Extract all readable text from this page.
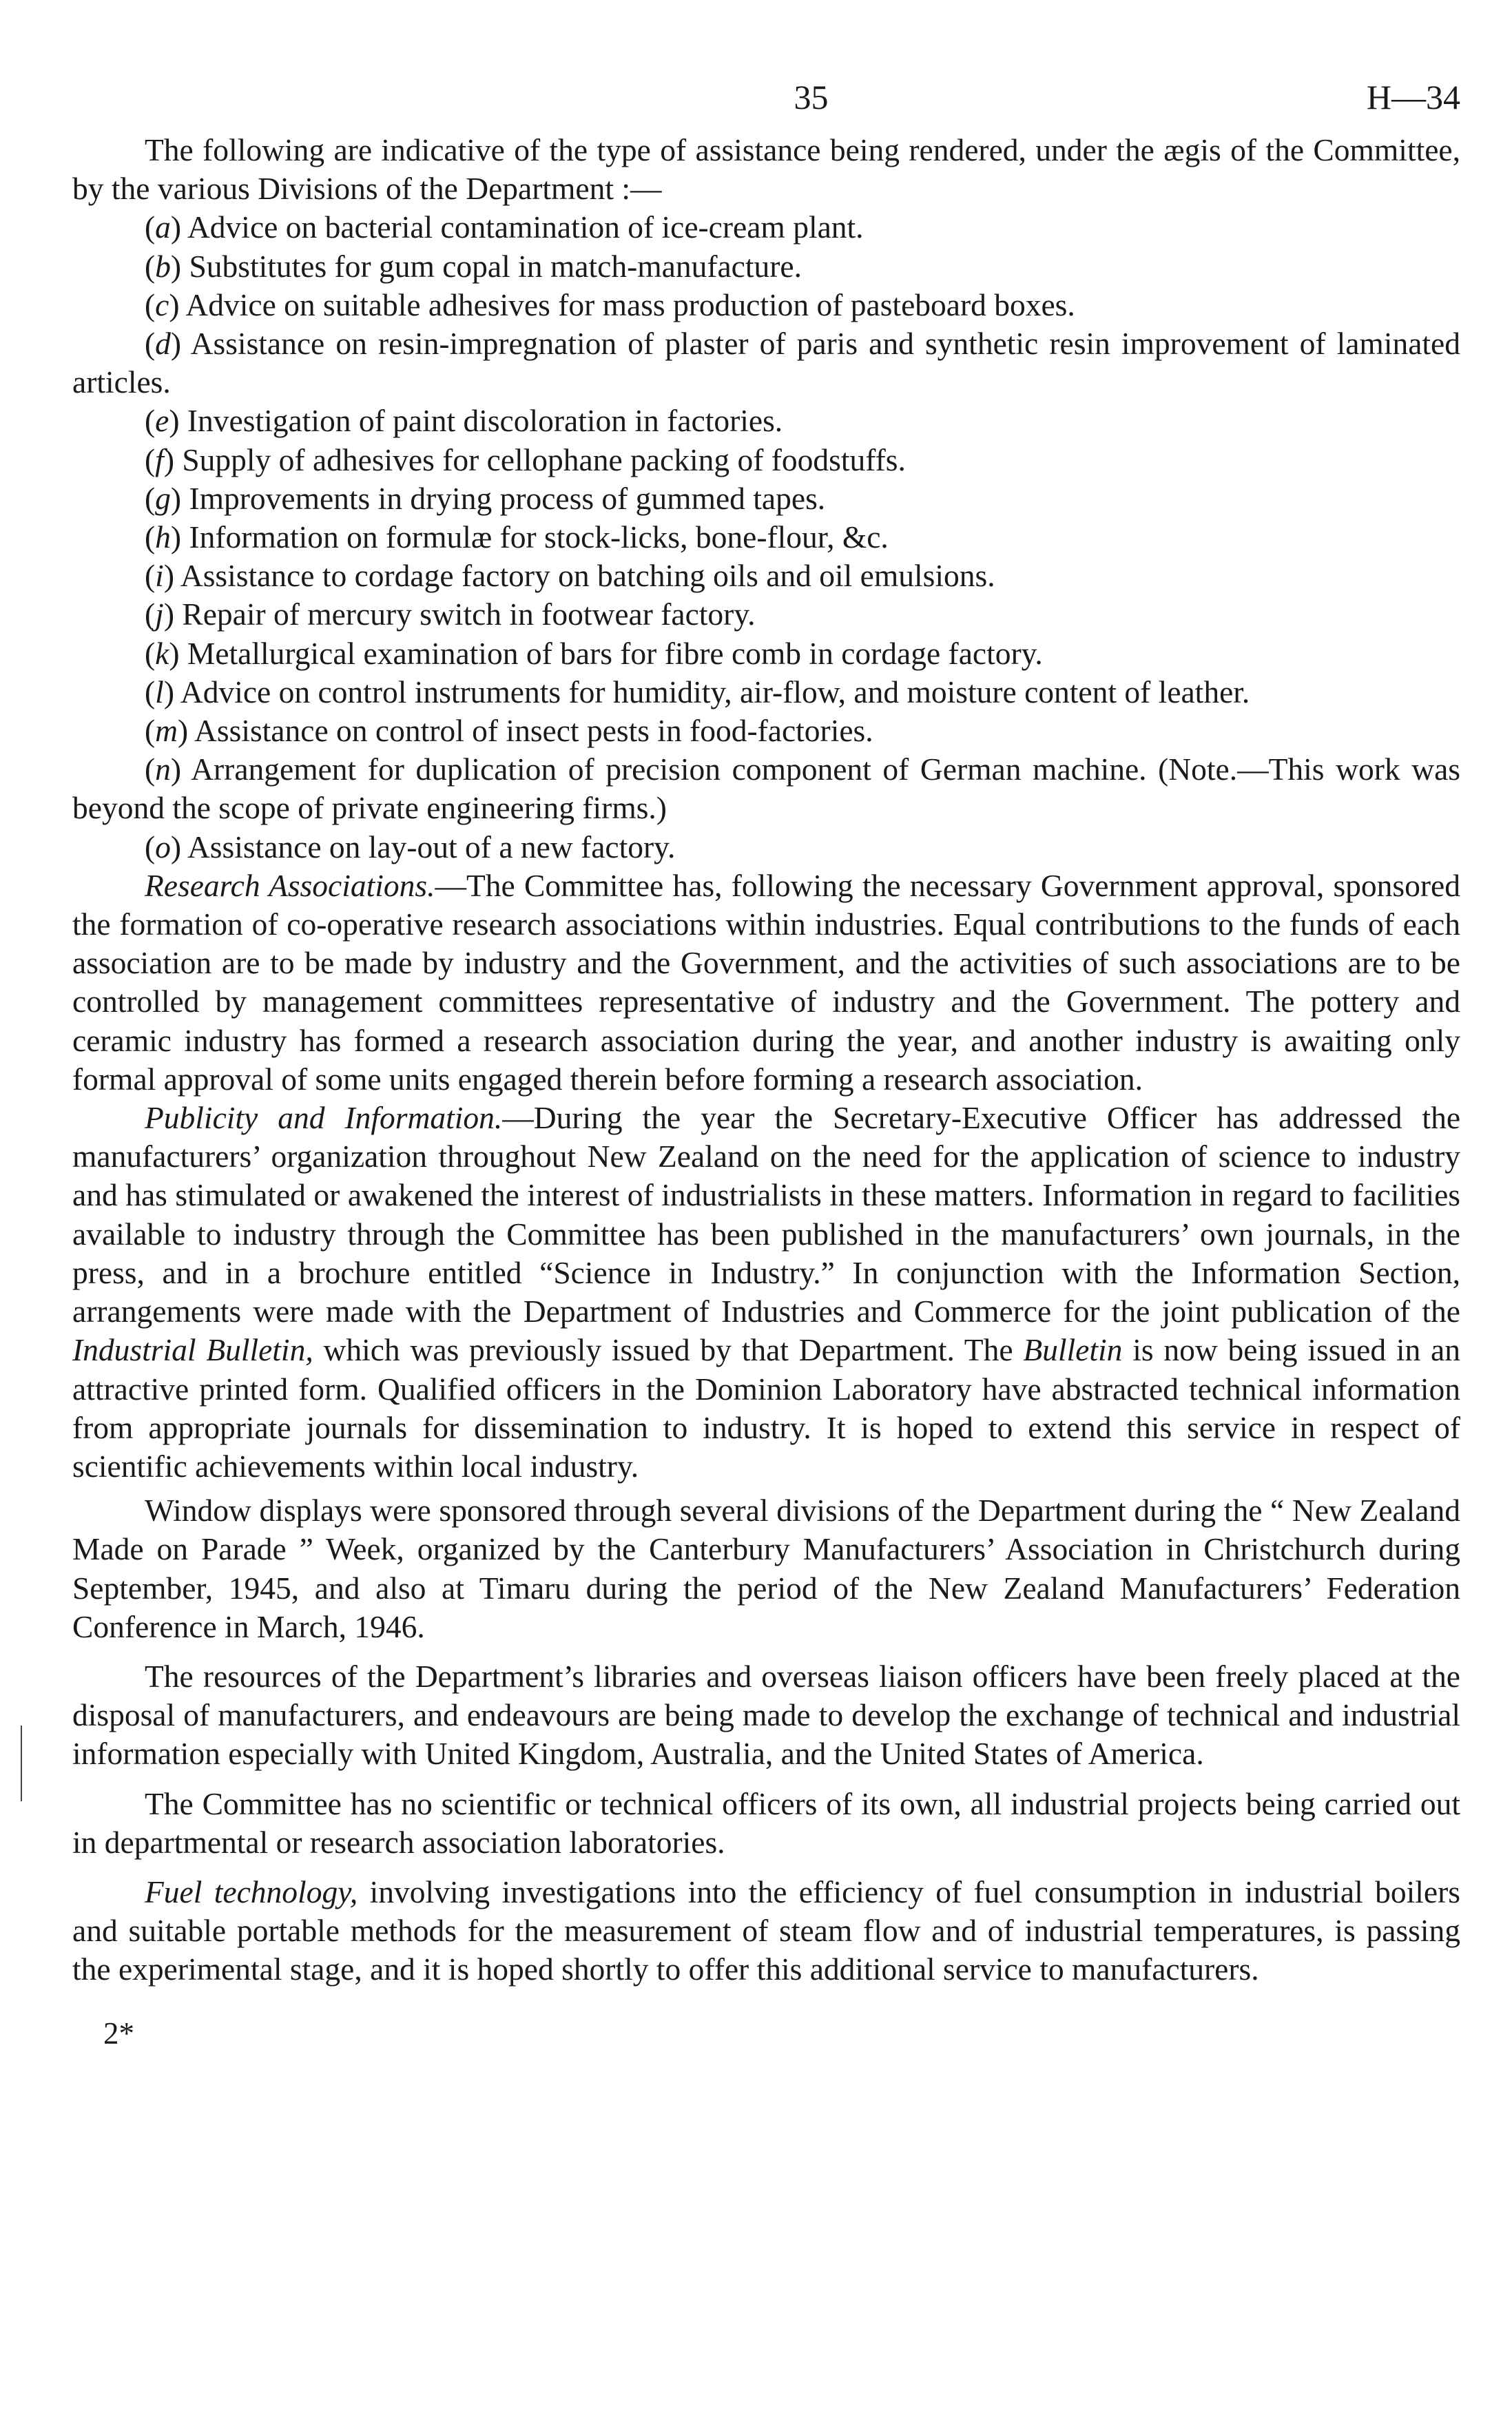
35	H—34

The following are indicative of the type of assistance being rendered, under the ægis of the Committee, by the various Divisions of the Department :—

(a) Advice on bacterial contamination of ice-cream plant.

(b) Substitutes for gum copal in match-manufacture.

(c) Advice on suitable adhesives for mass production of pasteboard boxes.

(d) Assistance on resin-impregnation of plaster of paris and synthetic resin improvement of laminated articles.

(e) Investigation of paint discoloration in factories.

(f) Supply of adhesives for cellophane packing of foodstuffs.

(g) Improvements in drying process of gummed tapes.

(h) Information on formulæ for stock-licks, bone-flour, &c.

(i) Assistance to cordage factory on batching oils and oil emulsions.

(j) Repair of mercury switch in footwear factory.

(k) Metallurgical examination of bars for fibre comb in cordage factory.

(l) Advice on control instruments for humidity, air-flow, and moisture content of leather.

(m) Assistance on control of insect pests in food-factories.

(n) Arrangement for duplication of precision component of German machine. (Note.—This work was beyond the scope of private engineering firms.)

(o) Assistance on lay-out of a new factory.

Research Associations.—The Committee has, following the necessary Government approval, sponsored the formation of co-operative research associations within industries. Equal contributions to the funds of each association are to be made by industry and the Government, and the activities of such associations are to be controlled by management committees representative of industry and the Government. The pottery and ceramic industry has formed a research association during the year, and another industry is awaiting only formal approval of some units engaged therein before forming a research association.

Publicity and Information.—During the year the Secretary-Executive Officer has addressed the manufacturers’ organization throughout New Zealand on the need for the application of science to industry and has stimulated or awakened the interest of industrialists in these matters. Information in regard to facilities available to industry through the Committee has been published in the manufacturers’ own journals, in the press, and in a brochure entitled “Science in Industry.” In conjunction with the Information Section, arrangements were made with the Department of Industries and Commerce for the joint publication of the Industrial Bulletin, which was previously issued by that Department. The Bulletin is now being issued in an attractive printed form. Qualified officers in the Dominion Laboratory have abstracted technical information from appropriate journals for dissemination to industry. It is hoped to extend this service in respect of scientific achievements within local industry.

Window displays were sponsored through several divisions of the Department during the “ New Zealand Made on Parade ” Week, organized by the Canterbury Manufacturers’ Association in Christchurch during September, 1945, and also at Timaru during the period of the New Zealand Manufacturers’ Federation Conference in March, 1946.

The resources of the Department’s libraries and overseas liaison officers have been freely placed at the disposal of manufacturers, and endeavours are being made to develop the exchange of technical and industrial information especially with United Kingdom, Australia, and the United States of America.

The Committee has no scientific or technical officers of its own, all industrial projects being carried out in departmental or research association laboratories.

Fuel technology, involving investigations into the efficiency of fuel consumption in industrial boilers and suitable portable methods for the measurement of steam flow and of industrial temperatures, is passing the experimental stage, and it is hoped shortly to offer this additional service to manufacturers.

2*
